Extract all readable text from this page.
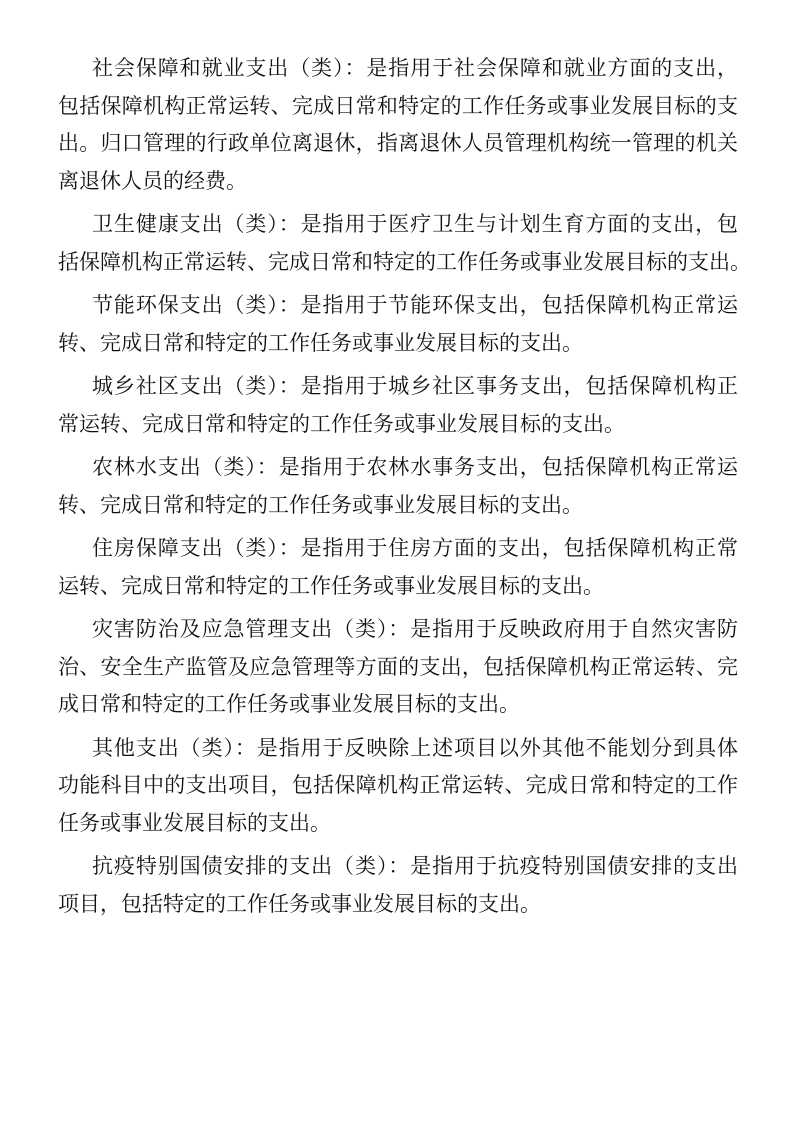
社会保障和就业支出（类）：是指用于社会保障和就业方面的支出，
包括保障机构正常运转、完成日常和特定的工作任务或事业发展目标的支
出。归口管理的行政单位离退休，指离退休人员管理机构统一管理的机关
离退休人员的经费。

卫生健康支出（类）：是指用于医疗卫生与计划生育方面的支出，包
括保障机构正常运转、完成日常和特定的工作任务或事业发展目标的支出。

节能环保支出（类）：是指用于节能环保支出，包括保障机构正常运
转、完成日常和特定的工作任务或事业发展目标的支出。

城乡社区支出（类）：是指用于城乡社区事务支出，包括保障机构正
常运转、完成日常和特定的工作任务或事业发展目标的支出。

农林水支出（类）：是指用于农林水事务支出，包括保障机构正常运
转、完成日常和特定的工作任务或事业发展目标的支出。

住房保障支出（类）：是指用于住房方面的支出，包括保障机构正常
运转、完成日常和特定的工作任务或事业发展目标的支出。

灾害防治及应急管理支出（类）：是指用于反映政府用于自然灾害防
治、安全生产监管及应急管理等方面的支出，包括保障机构正常运转、完
成日常和特定的工作任务或事业发展目标的支出。

其他支出（类）：是指用于反映除上述项目以外其他不能划分到具体
功能科目中的支出项目，包括保障机构正常运转、完成日常和特定的工作
任务或事业发展目标的支出。

抗疫特别国债安排的支出（类）：是指用于抗疫特别国债安排的支出
项目，包括特定的工作任务或事业发展目标的支出。
